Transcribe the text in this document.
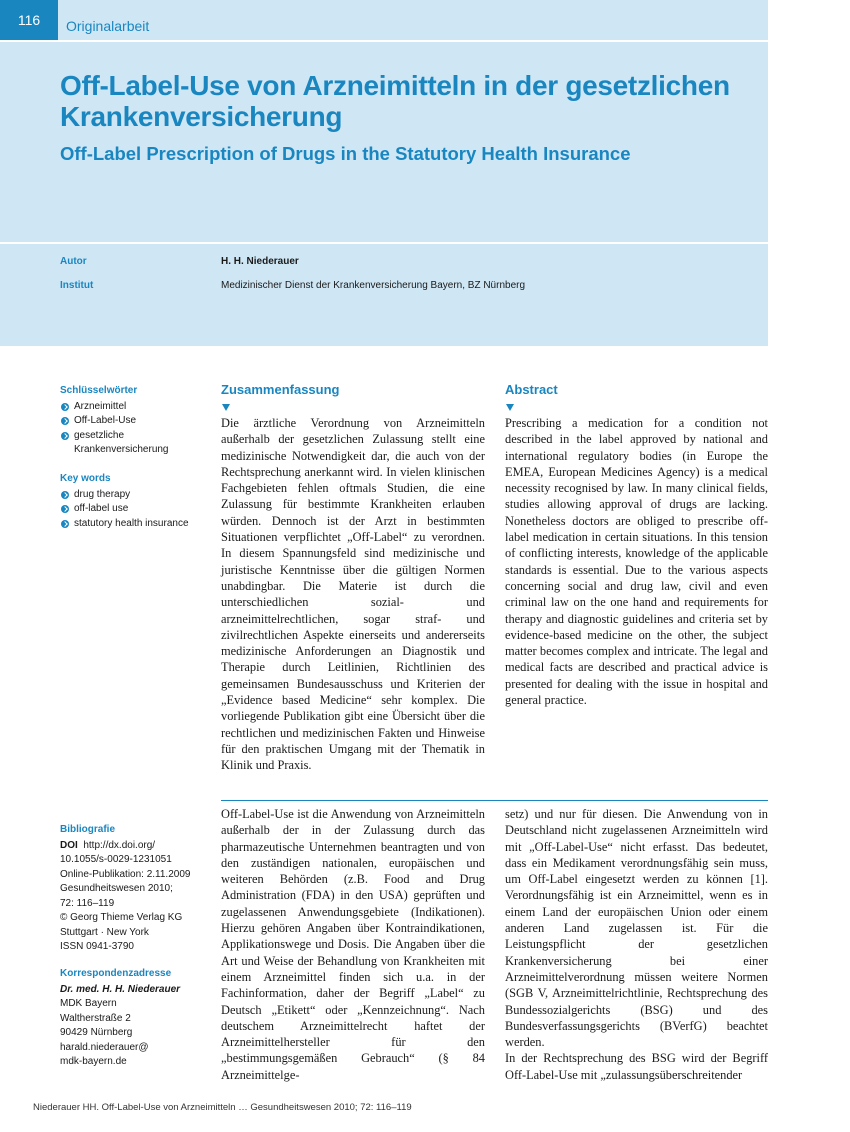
116 Originalarbeit
Off-Label-Use von Arzneimitteln in der gesetzlichen Krankenversicherung
Off-Label Prescription of Drugs in the Statutory Health Insurance
Autor	H. H. Niederauer
Institut	Medizinischer Dienst der Krankenversicherung Bayern, BZ Nürnberg
Schlüsselwörter
Arzneimittel
Off-Label-Use
gesetzliche Krankenversicherung
Key words
drug therapy
off-label use
statutory health insurance
Bibliografie
DOI http://dx.doi.org/
10.1055/s-0029-1231051
Online-Publikation: 2.11.2009
Gesundheitswesen 2010;
72: 116–119
© Georg Thieme Verlag KG
Stuttgart · New York
ISSN 0941-3790
Korrespondenzadresse
Dr. med. H. H. Niederauer
MDK Bayern
Waltherstraße 2
90429 Nürnberg
harald.niederauer@
mdk-bayern.de
Zusammenfassung

Die ärztliche Verordnung von Arzneimitteln außerhalb der gesetzlichen Zulassung stellt eine medizinische Notwendigkeit dar, die auch von der Rechtsprechung anerkannt wird. In vielen klinischen Fachgebieten fehlen oftmals Studien, die eine Zulassung für bestimmte Krankheiten erlauben würden. Dennoch ist der Arzt in bestimmten Situationen verpflichtet „Off-Label“ zu verordnen. In diesem Spannungsfeld sind medizinische und juristische Kenntnisse über die gültigen Normen unabdingbar. Die Materie ist durch die unterschiedlichen sozial- und arzneimittelrechtlichen, sogar straf- und zivilrechtlichen Aspekte einerseits und andererseits medizinische Anforderungen an Diagnostik und Therapie durch Leitlinien, Richtlinien des gemeinsamen Bundesausschuss und Kriterien der „Evidence based Medicine“ sehr komplex. Die vorliegende Publikation gibt eine Übersicht über die rechtlichen und medizinischen Fakten und Hinweise für den praktischen Umgang mit der Thematik in Klinik und Praxis.

Abstract

Prescribing a medication for a condition not described in the label approved by national and international regulatory bodies (in Europe the EMEA, European Medicines Agency) is a medical necessity recognised by law. In many clinical fields, studies allowing approval of drugs are lacking. Nonetheless doctors are obliged to prescribe off-label medication in certain situations. In this tension of conflicting interests, knowledge of the applicable standards is essential. Due to the various aspects concerning social and drug law, civil and even criminal law on the one hand and requirements for therapy and diagnostic guidelines and criteria set by evidence-based medicine on the other, the subject matter becomes complex and intricate. The legal and medical facts are described and practical advice is presented for dealing with the issue in hospital and general practice.

Off-Label-Use ist die Anwendung von Arzneimitteln außerhalb der in der Zulassung durch das pharmazeutische Unternehmen beantragten und von den zuständigen nationalen, europäischen und weiteren Behörden (z.B. Food and Drug Administration (FDA) in den USA) geprüften und zugelassenen Anwendungsgebiete (Indikationen). Hierzu gehören Angaben über Kontraindikationen, Applikationswege und Dosis. Die Angaben über die Art und Weise der Behandlung von Krankheiten mit einem Arzneimittel finden sich u.a. in der Fachinformation, daher der Begriff „Label“ zu Deutsch „Etikett“ oder „Kennzeichnung“. Nach deutschem Arzneimittelrecht haftet der Arzneimittelhersteller für den „bestimmungsgemäßen Gebrauch“ (§ 84 Arzneimittelge-

setz) und nur für diesen. Die Anwendung von in Deutschland nicht zugelassenen Arzneimitteln wird mit „Off-Label-Use“ nicht erfasst. Das bedeutet, dass ein Medikament verordnungsfähig sein muss, um Off-Label eingesetzt werden zu können [1]. Verordnungsfähig ist ein Arzneimittel, wenn es in einem Land der europäischen Union oder einem anderen Land zugelassen ist. Für die Leistungspflicht der gesetzlichen Krankenversicherung bei einer Arzneimittelverordnung müssen weitere Normen (SGB V, Arzneimittelrichtlinie, Rechtsprechung des Bundessozialgerichts (BSG) und des Bundesverfassungsgerichts (BVerfG) beachtet werden.

In der Rechtsprechung des BSG wird der Begriff Off-Label-Use mit „zulassungsüberschreitender

Niederauer HH. Off-Label-Use von Arzneimitteln … Gesundheitswesen 2010; 72: 116–119
